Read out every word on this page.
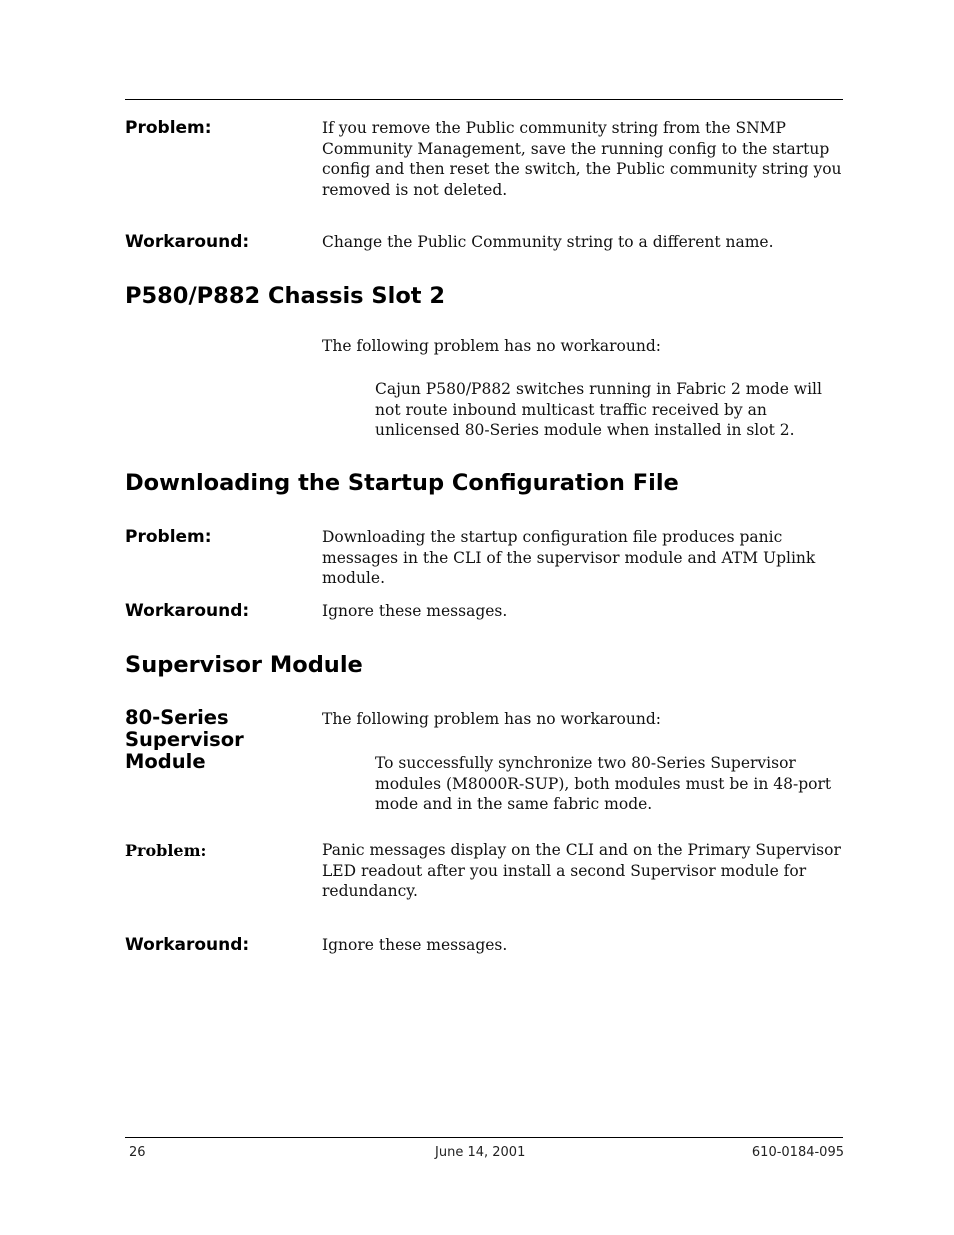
Problem:	If you remove the Public community string from the SNMP Community Management, save the running config to the startup config and then reset the switch, the Public community string you removed is not deleted.
Workaround:	Change the Public Community string to a different name.
P580/P882 Chassis Slot 2
The following problem has no workaround:
Cajun P580/P882 switches running in Fabric 2 mode will not route inbound multicast traffic received by an unlicensed 80-Series module when installed in slot 2.
Downloading the Startup Configuration File
Problem:	Downloading the startup configuration file produces panic messages in the CLI of the supervisor module and ATM Uplink module.
Workaround:	Ignore these messages.
Supervisor Module
80-Series Supervisor Module
The following problem has no workaround:
To successfully synchronize two 80-Series Supervisor modules (M8000R-SUP), both modules must be in 48-port mode and in the same fabric mode.
Problem:	Panic messages display on the CLI and on the Primary Supervisor LED readout after you install a second Supervisor module for redundancy.
Workaround:	Ignore these messages.
26	June 14, 2001	610-0184-095
